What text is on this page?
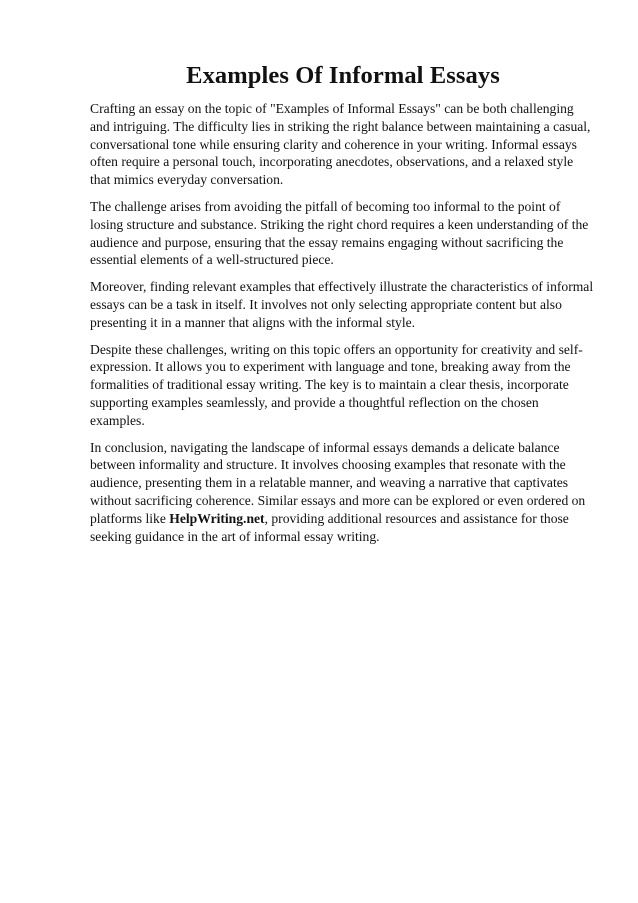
Examples Of Informal Essays

Crafting an essay on the topic of "Examples of Informal Essays" can be both challenging and intriguing. The difficulty lies in striking the right balance between maintaining a casual, conversational tone while ensuring clarity and coherence in your writing. Informal essays often require a personal touch, incorporating anecdotes, observations, and a relaxed style that mimics everyday conversation.

The challenge arises from avoiding the pitfall of becoming too informal to the point of losing structure and substance. Striking the right chord requires a keen understanding of the audience and purpose, ensuring that the essay remains engaging without sacrificing the essential elements of a well-structured piece.

Moreover, finding relevant examples that effectively illustrate the characteristics of informal essays can be a task in itself. It involves not only selecting appropriate content but also presenting it in a manner that aligns with the informal style.

Despite these challenges, writing on this topic offers an opportunity for creativity and self-expression. It allows you to experiment with language and tone, breaking away from the formalities of traditional essay writing. The key is to maintain a clear thesis, incorporate supporting examples seamlessly, and provide a thoughtful reflection on the chosen examples.

In conclusion, navigating the landscape of informal essays demands a delicate balance between informality and structure. It involves choosing examples that resonate with the audience, presenting them in a relatable manner, and weaving a narrative that captivates without sacrificing coherence. Similar essays and more can be explored or even ordered on platforms like HelpWriting.net, providing additional resources and assistance for those seeking guidance in the art of informal essay writing.
